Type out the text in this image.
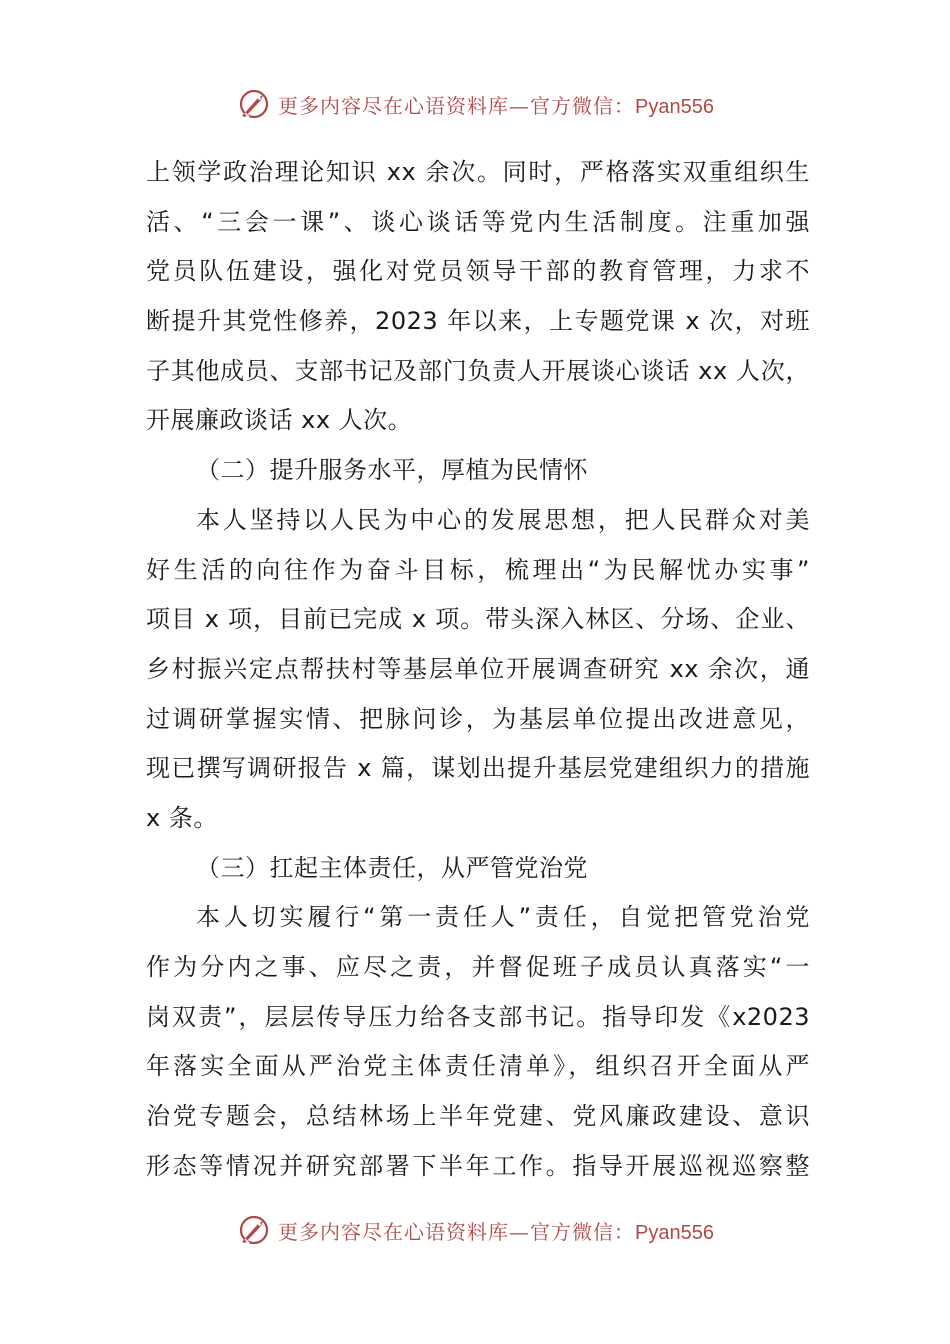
更多内容尽在心语资料库—官方微信：Pyan556
上领学政治理论知识 xx 余次。同时，严格落实双重组织生
活、“三会一课”、谈心谈话等党内生活制度。注重加强
党员队伍建设，强化对党员领导干部的教育管理，力求不
断提升其党性修养，2023 年以来，上专题党课 x 次，对班
子其他成员、支部书记及部门负责人开展谈心谈话 xx 人次，
开展廉政谈话 xx 人次。
（二）提升服务水平，厚植为民情怀
本人坚持以人民为中心的发展思想，把人民群众对美
好生活的向往作为奋斗目标，梳理出“为民解忧办实事”
项目 x 项，目前已完成 x 项。带头深入林区、分场、企业、
乡村振兴定点帮扶村等基层单位开展调查研究 xx 余次，通
过调研掌握实情、把脉问诊，为基层单位提出改进意见，
现已撰写调研报告 x 篇，谋划出提升基层党建组织力的措施
x 条。
（三）扛起主体责任，从严管党治党
本人切实履行“第一责任人”责任，自觉把管党治党
作为分内之事、应尽之责，并督促班子成员认真落实“一
岗双责”，层层传导压力给各支部书记。指导印发《x2023
年落实全面从严治党主体责任清单》，组织召开全面从严
治党专题会，总结林场上半年党建、党风廉政建设、意识
形态等情况并研究部署下半年工作。指导开展巡视巡察整
更多内容尽在心语资料库—官方微信：Pyan556
